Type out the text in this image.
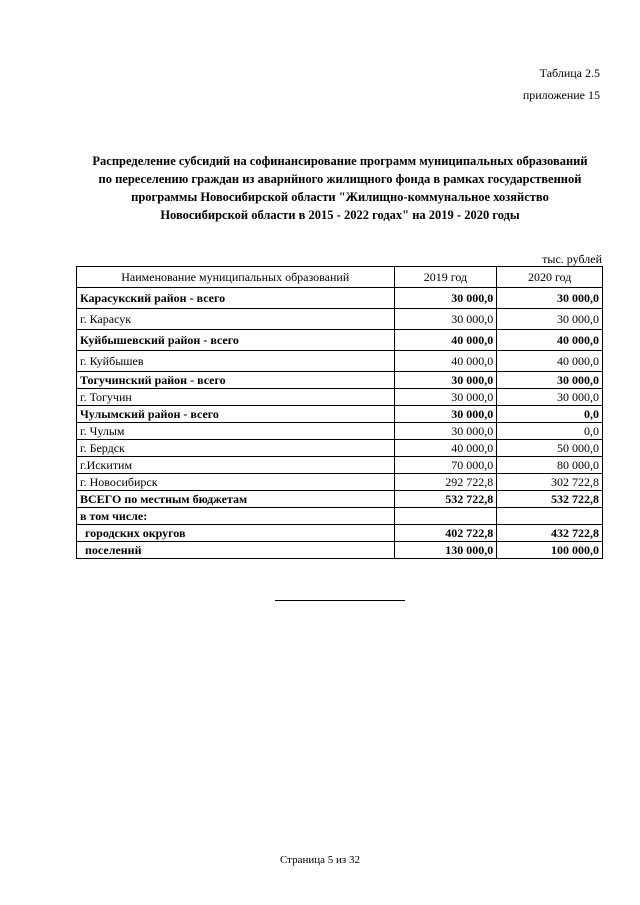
Таблица 2.5
приложение 15
Распределение субсидий на софинансирование программ муниципальных образований
по переселению граждан из аварийного жилищного фонда в рамках государственной
программы Новосибирской области "Жилищно-коммунальное хозяйство
Новосибирской области в 2015 - 2022 годах" на 2019 - 2020 годы
тыс. рублей
Наименование муниципальных образований	2019 год	2020 год
Карасукский район - всего	30 000,0	30 000,0
г. Карасук	30 000,0	30 000,0
Куйбышевский район - всего	40 000,0	40 000,0
г. Куйбышев	40 000,0	40 000,0
Тогучинский район - всего	30 000,0	30 000,0
г. Тогучин	30 000,0	30 000,0
Чулымский район - всего	30 000,0	0,0
г. Чулым	30 000,0	0,0
г. Бердск	40 000,0	50 000,0
г.Искитим	70 000,0	80 000,0
г. Новосибирск	292 722,8	302 722,8
ВСЕГО по местным бюджетам	532 722,8	532 722,8
в том числе:		
городских округов	402 722,8	432 722,8
поселений	130 000,0	100 000,0
Страница 5 из 32
